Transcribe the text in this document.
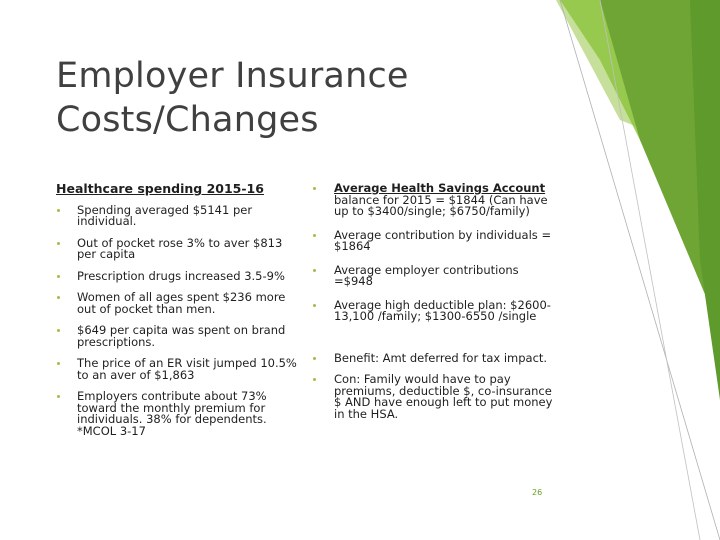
Employer Insurance Costs/Changes
Healthcare spending 2015-16
Spending averaged $5141 per individual.
Out of pocket rose 3% to aver $813 per capita
Prescription drugs increased 3.5-9%
Women of all ages spent $236 more out of pocket than men.
$649 per capita was spent on brand prescriptions.
The price of an ER visit jumped 10.5% to an aver of $1,863
Employers contribute about 73% toward the monthly premium for individuals. 38% for dependents. *MCOL 3-17
Average Health Savings Account balance for 2015 = $1844 (Can have up to $3400/single; $6750/family)
Average contribution by individuals = $1864
Average employer contributions =$948
Average high deductible plan: $2600-13,100 /family; $1300-6550 /single
Benefit: Amt deferred for tax impact.
Con: Family would have to pay premiums, deductible $, co-insurance $ AND have enough left to put money in the HSA.
26
